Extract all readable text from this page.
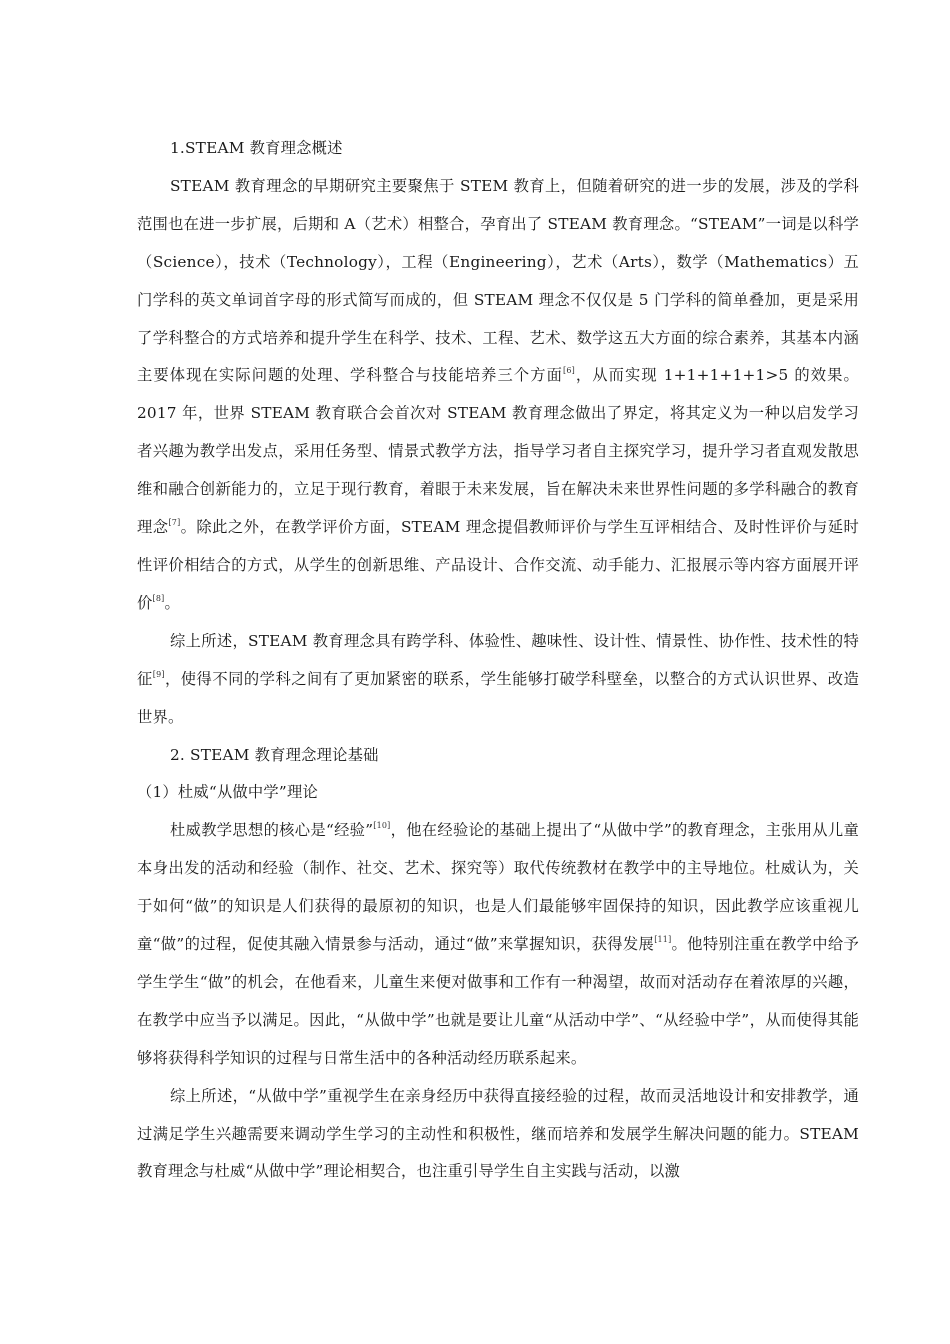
1.STEAM 教育理念概述

STEAM 教育理念的早期研究主要聚焦于 STEM 教育上，但随着研究的进一步的发展，涉及的学科范围也在进一步扩展，后期和 A（艺术）相整合，孕育出了 STEAM 教育理念。“STEAM”一词是以科学（Science），技术（Technology），工程（Engineering），艺术（Arts），数学（Mathematics）五门学科的英文单词首字母的形式简写而成的，但 STEAM 理念不仅仅是 5 门学科的简单叠加，更是采用了学科整合的方式培养和提升学生在科学、技术、工程、艺术、数学这五大方面的综合素养，其基本内涵主要体现在实际问题的处理、学科整合与技能培养三个方面[6]，从而实现 1+1+1+1+1>5 的效果。2017 年，世界 STEAM 教育联合会首次对 STEAM 教育理念做出了界定，将其定义为一种以启发学习者兴趣为教学出发点，采用任务型、情景式教学方法，指导学习者自主探究学习，提升学习者直观发散思维和融合创新能力的，立足于现行教育，着眼于未来发展，旨在解决未来世界性问题的多学科融合的教育理念[7]。除此之外，在教学评价方面，STEAM 理念提倡教师评价与学生互评相结合、及时性评价与延时性评价相结合的方式，从学生的创新思维、产品设计、合作交流、动手能力、汇报展示等内容方面展开评价[8]。

综上所述，STEAM 教育理念具有跨学科、体验性、趣味性、设计性、情景性、协作性、技术性的特征[9]，使得不同的学科之间有了更加紧密的联系，学生能够打破学科壁垒，以整合的方式认识世界、改造世界。

2. STEAM 教育理念理论基础

（1）杜威“从做中学”理论

杜威教学思想的核心是“经验”[10]，他在经验论的基础上提出了“从做中学”的教育理念，主张用从儿童本身出发的活动和经验（制作、社交、艺术、探究等）取代传统教材在教学中的主导地位。杜威认为，关于如何“做”的知识是人们获得的最原初的知识，也是人们最能够牢固保持的知识，因此教学应该重视儿童“做”的过程，促使其融入情景参与活动，通过“做”来掌握知识，获得发展[11]。他特别注重在教学中给予学生学生“做”的机会，在他看来，儿童生来便对做事和工作有一种渴望，故而对活动存在着浓厚的兴趣，在教学中应当予以满足。因此，“从做中学”也就是要让儿童“从活动中学”、“从经验中学”，从而使得其能够将获得科学知识的过程与日常生活中的各种活动经历联系起来。

综上所述，“从做中学”重视学生在亲身经历中获得直接经验的过程，故而灵活地设计和安排教学，通过满足学生兴趣需要来调动学生学习的主动性和积极性，继而培养和发展学生解决问题的能力。STEAM 教育理念与杜威“从做中学”理论相契合，也注重引导学生自主实践与活动，以激
